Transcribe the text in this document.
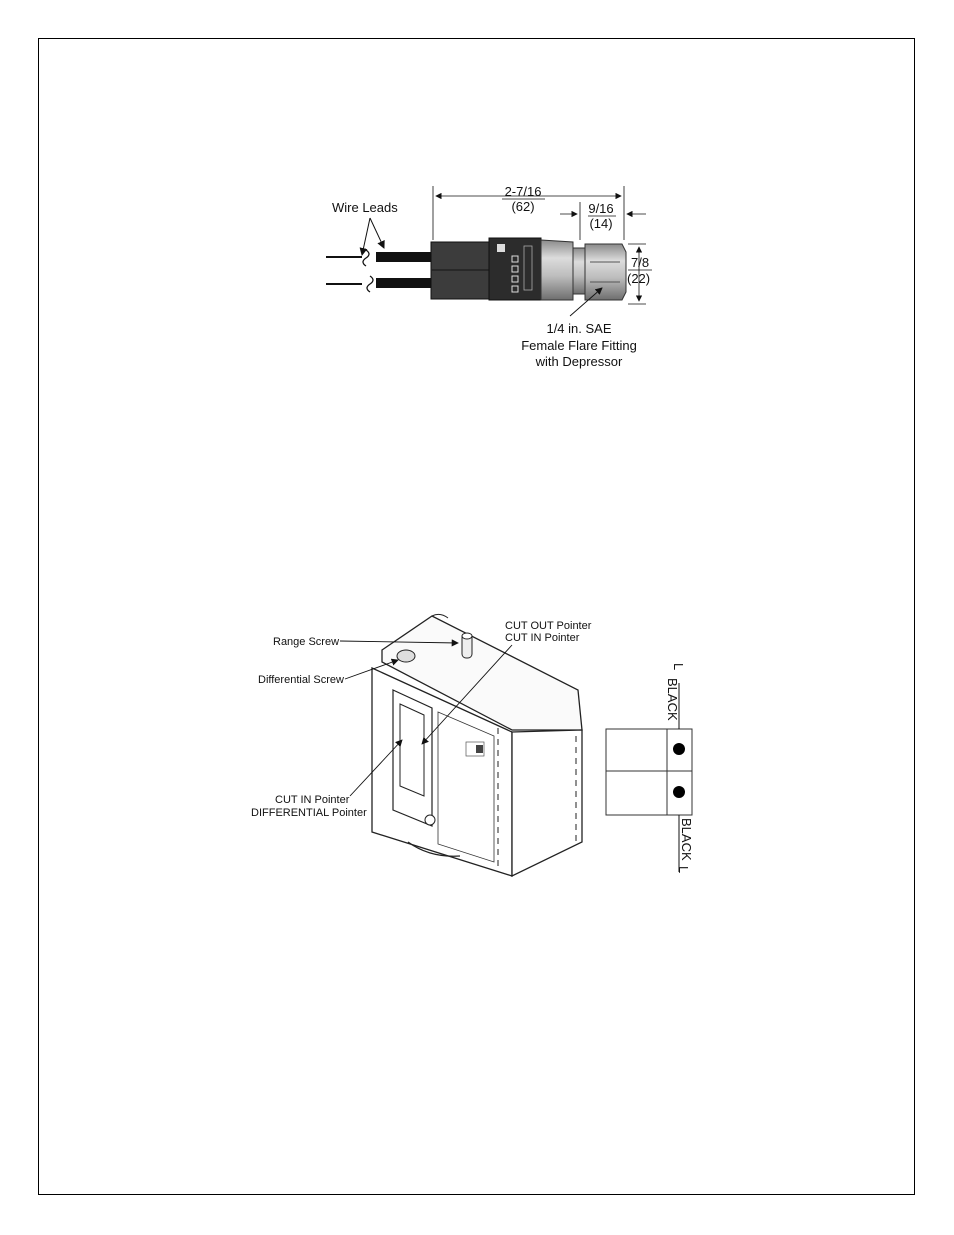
Wire Leads
2-7/16
(62)	9/16
(14)
7/8
(22)
1/4 in. SAE
Female Flare Fitting
with Depressor
Range Screw
Differential Screw
CUT OUT Pointer
CUT IN Pointer
CUT IN Pointer
DIFFERENTIAL Pointer
L
BLACK
BLACK
L
